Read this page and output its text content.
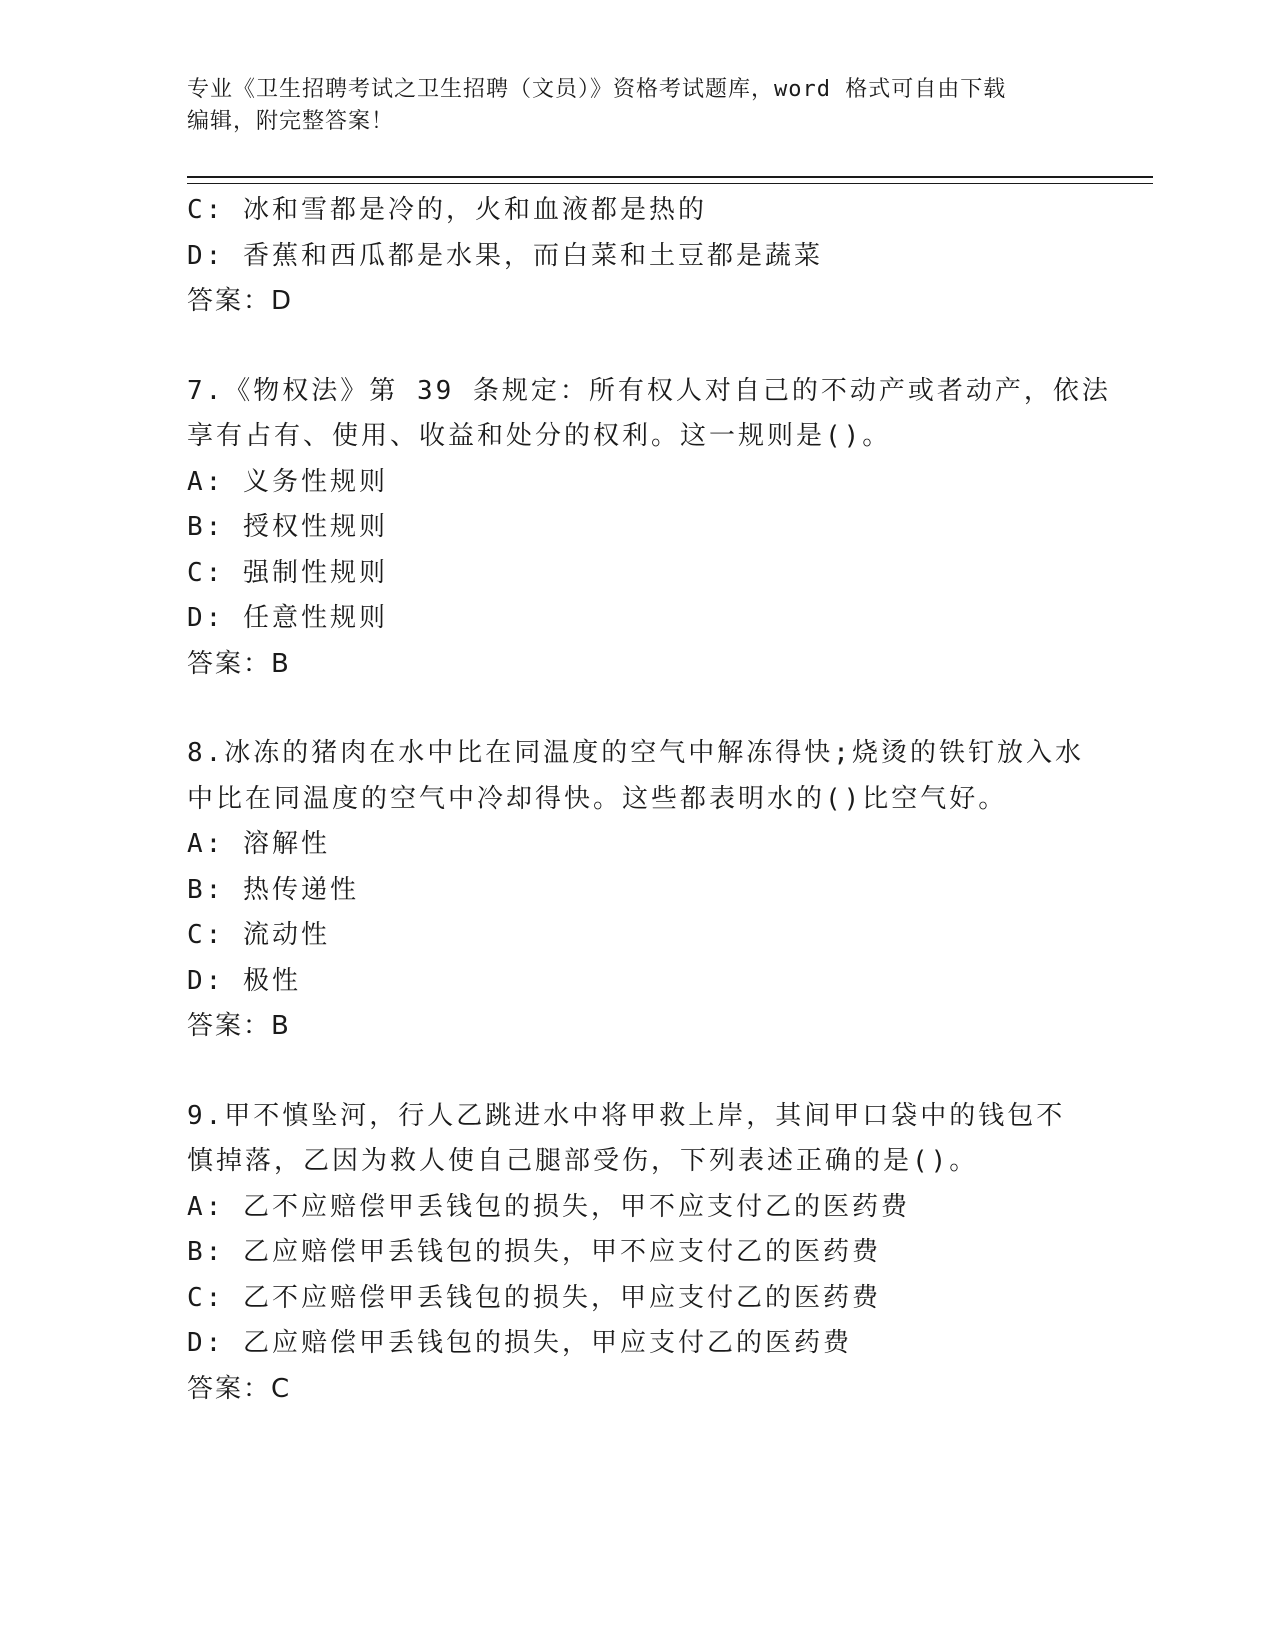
专业《卫生招聘考试之卫生招聘（文员）》资格考试题库，word 格式可自由下载
编辑，附完整答案！
C: 冰和雪都是冷的，火和血液都是热的
D: 香蕉和西瓜都是水果，而白菜和土豆都是蔬菜
答案：D
7.《物权法》第 39 条规定：所有权人对自己的不动产或者动产，依法
享有占有、使用、收益和处分的权利。这一规则是()。
A: 义务性规则
B: 授权性规则
C: 强制性规则
D: 任意性规则
答案：B
8.冰冻的猪肉在水中比在同温度的空气中解冻得快;烧烫的铁钉放入水
中比在同温度的空气中冷却得快。这些都表明水的()比空气好。
A: 溶解性
B: 热传递性
C: 流动性
D: 极性
答案：B
9.甲不慎坠河，行人乙跳进水中将甲救上岸，其间甲口袋中的钱包不
慎掉落，乙因为救人使自己腿部受伤，下列表述正确的是()。
A: 乙不应赔偿甲丢钱包的损失，甲不应支付乙的医药费
B: 乙应赔偿甲丢钱包的损失，甲不应支付乙的医药费
C: 乙不应赔偿甲丢钱包的损失，甲应支付乙的医药费
D: 乙应赔偿甲丢钱包的损失，甲应支付乙的医药费
答案：C
